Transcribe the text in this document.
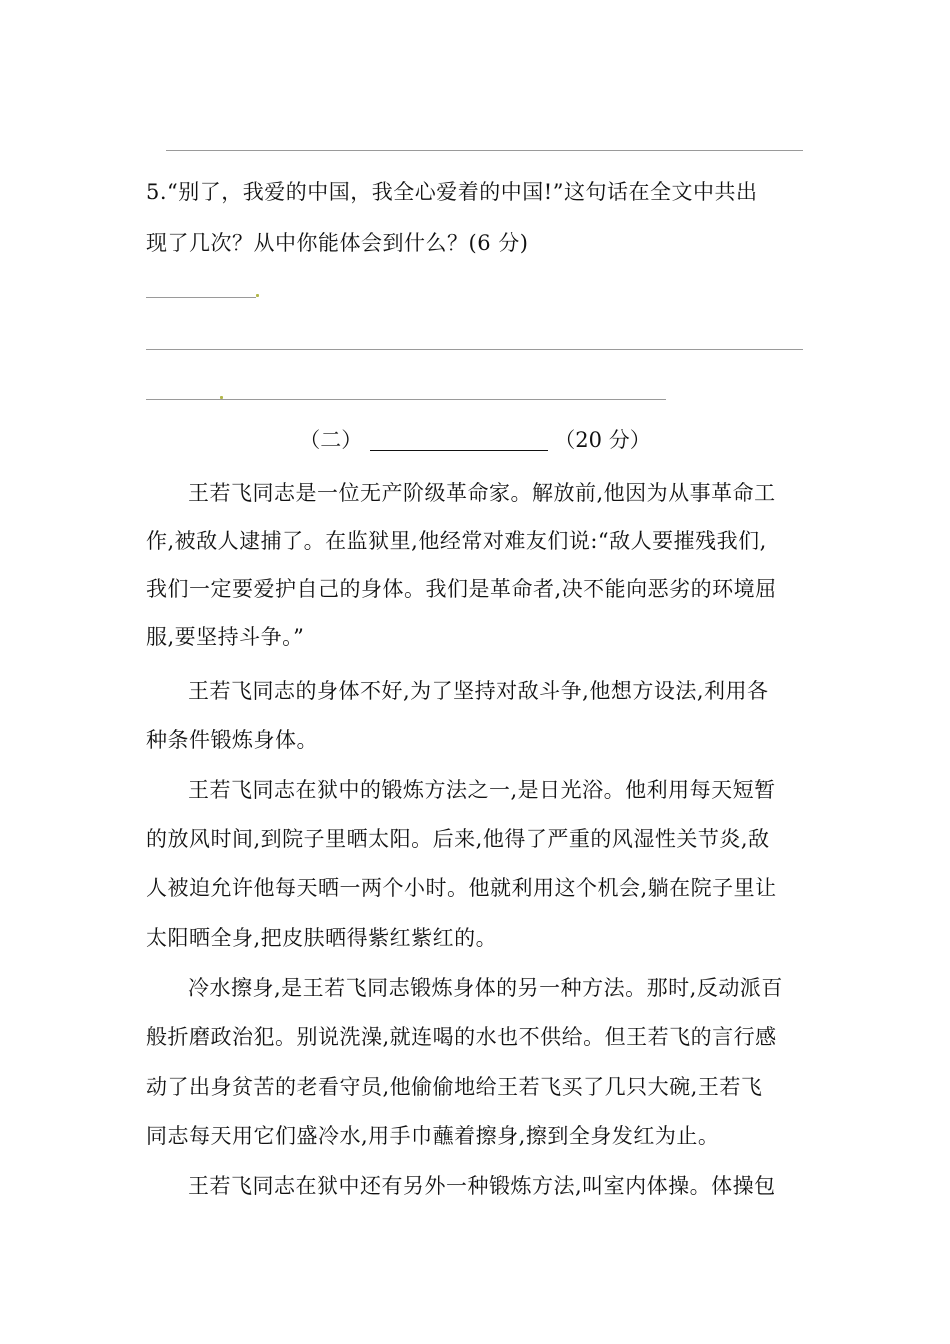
5.“别了，我爱的中国，我全心爱着的中国!”这句话在全文中共出
现了几次？从中你能体会到什么？(6 分)
（二）	（20 分）
王若飞同志是一位无产阶级革命家。解放前,他因为从事革命工
作,被敌人逮捕了。在监狱里,他经常对难友们说:“敌人要摧残我们,
我们一定要爱护自己的身体。我们是革命者,决不能向恶劣的环境屈
服,要坚持斗争。”
王若飞同志的身体不好,为了坚持对敌斗争,他想方设法,利用各
种条件锻炼身体。
王若飞同志在狱中的锻炼方法之一,是日光浴。他利用每天短暂
的放风时间,到院子里晒太阳。后来,他得了严重的风湿性关节炎,敌
人被迫允许他每天晒一两个小时。他就利用这个机会,躺在院子里让
太阳晒全身,把皮肤晒得紫红紫红的。
冷水擦身,是王若飞同志锻炼身体的另一种方法。那时,反动派百
般折磨政治犯。别说洗澡,就连喝的水也不供给。但王若飞的言行感
动了出身贫苦的老看守员,他偷偷地给王若飞买了几只大碗,王若飞
同志每天用它们盛冷水,用手巾蘸着擦身,擦到全身发红为止。
王若飞同志在狱中还有另外一种锻炼方法,叫室内体操。体操包
